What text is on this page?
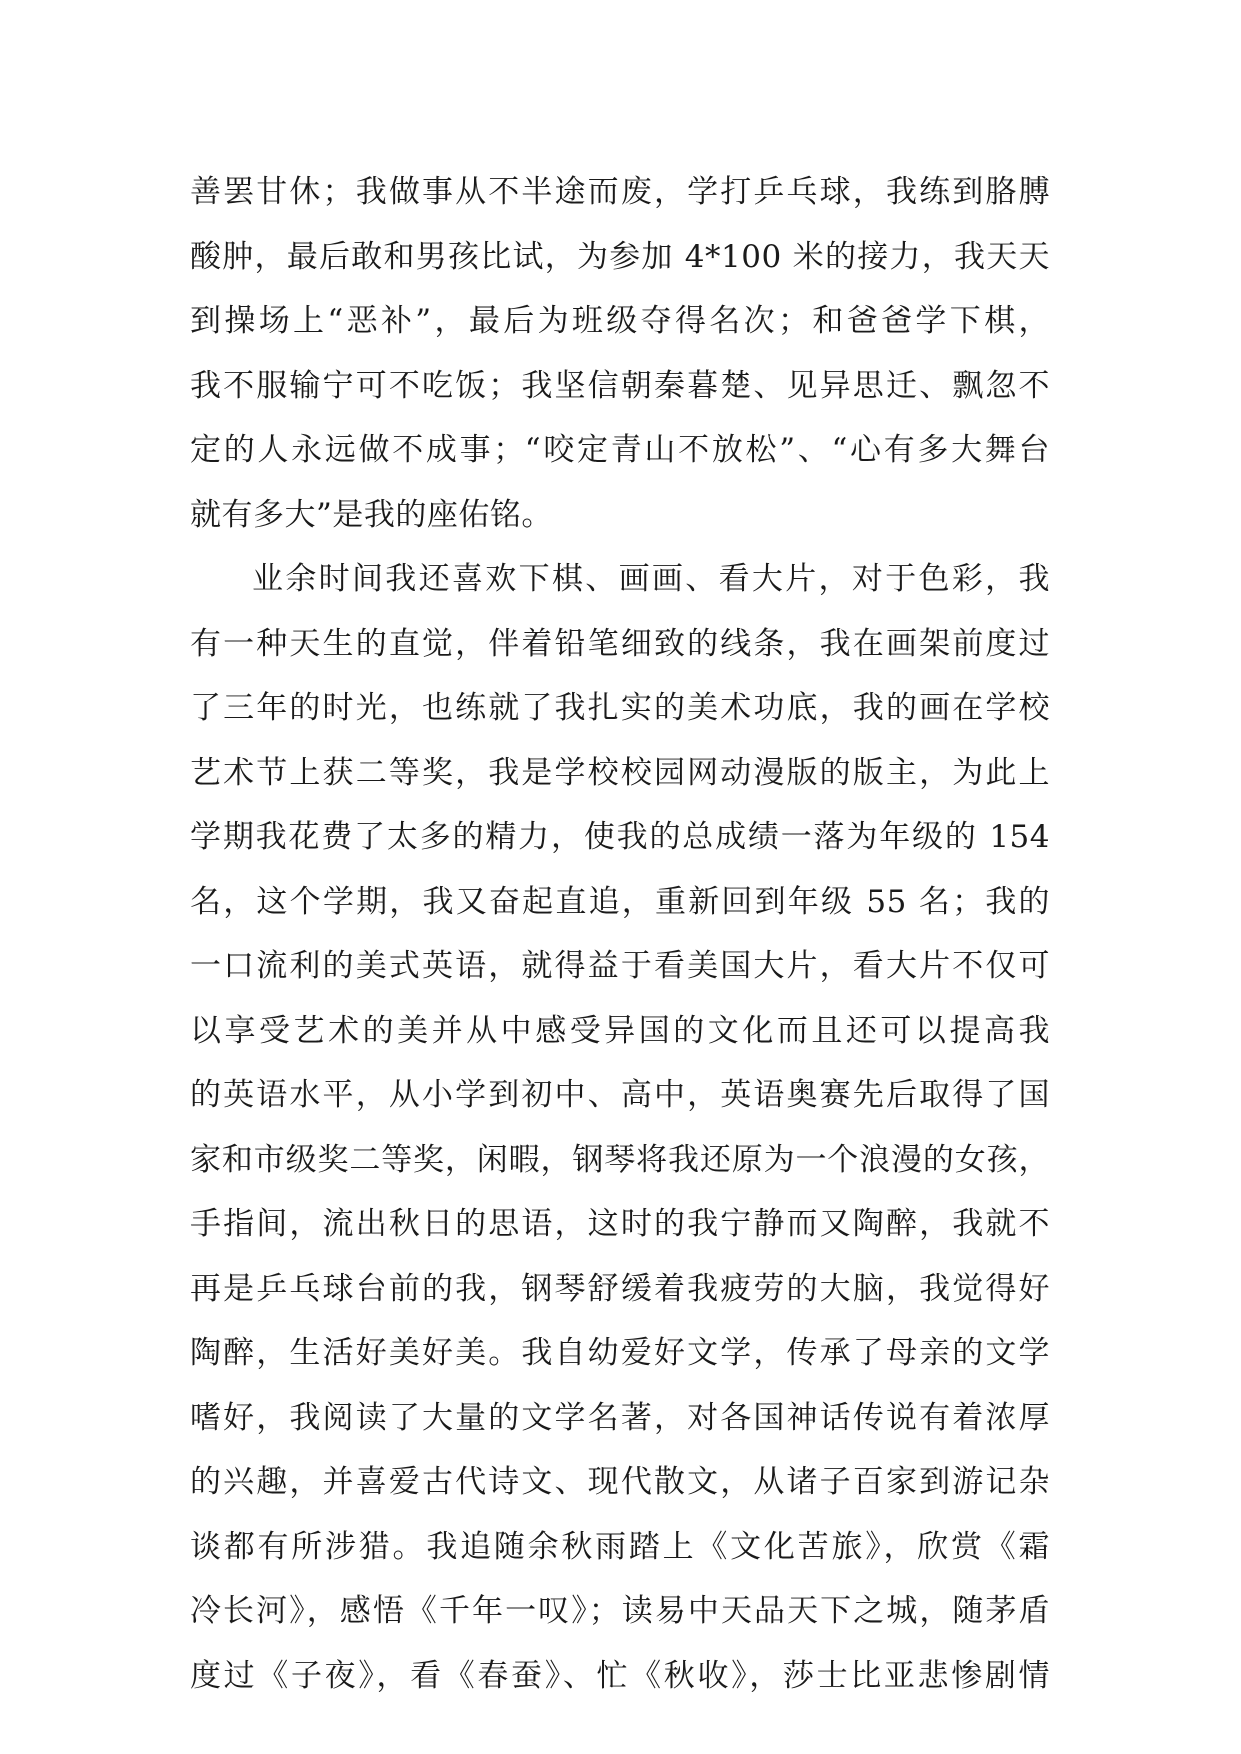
善罢甘休；我做事从不半途而废，学打乒乓球，我练到胳膊
酸肿，最后敢和男孩比试，为参加 4*100 米的接力，我天天
到操场上“恶补”，最后为班级夺得名次；和爸爸学下棋，
我不服输宁可不吃饭；我坚信朝秦暮楚、见异思迁、飘忽不
定的人永远做不成事；“咬定青山不放松”、“心有多大舞台
就有多大”是我的座佑铭。
业余时间我还喜欢下棋、画画、看大片，对于色彩，我
有一种天生的直觉，伴着铅笔细致的线条，我在画架前度过
了三年的时光，也练就了我扎实的美术功底，我的画在学校
艺术节上获二等奖，我是学校校园网动漫版的版主，为此上
学期我花费了太多的精力，使我的总成绩一落为年级的 154
名，这个学期，我又奋起直追，重新回到年级 55 名；我的
一口流利的美式英语，就得益于看美国大片，看大片不仅可
以享受艺术的美并从中感受异国的文化而且还可以提高我
的英语水平，从小学到初中、高中，英语奥赛先后取得了国
家和市级奖二等奖，闲暇，钢琴将我还原为一个浪漫的女孩，
手指间，流出秋日的思语，这时的我宁静而又陶醉，我就不
再是乒乓球台前的我，钢琴舒缓着我疲劳的大脑，我觉得好
陶醉，生活好美好美。我自幼爱好文学，传承了母亲的文学
嗜好，我阅读了大量的文学名著，对各国神话传说有着浓厚
的兴趣，并喜爱古代诗文、现代散文，从诸子百家到游记杂
谈都有所涉猎。我追随余秋雨踏上《文化苦旅》，欣赏《霜
冷长河》，感悟《千年一叹》；读易中天品天下之城，随茅盾
度过《子夜》，看《春蚕》、忙《秋收》，莎士比亚悲惨剧情
